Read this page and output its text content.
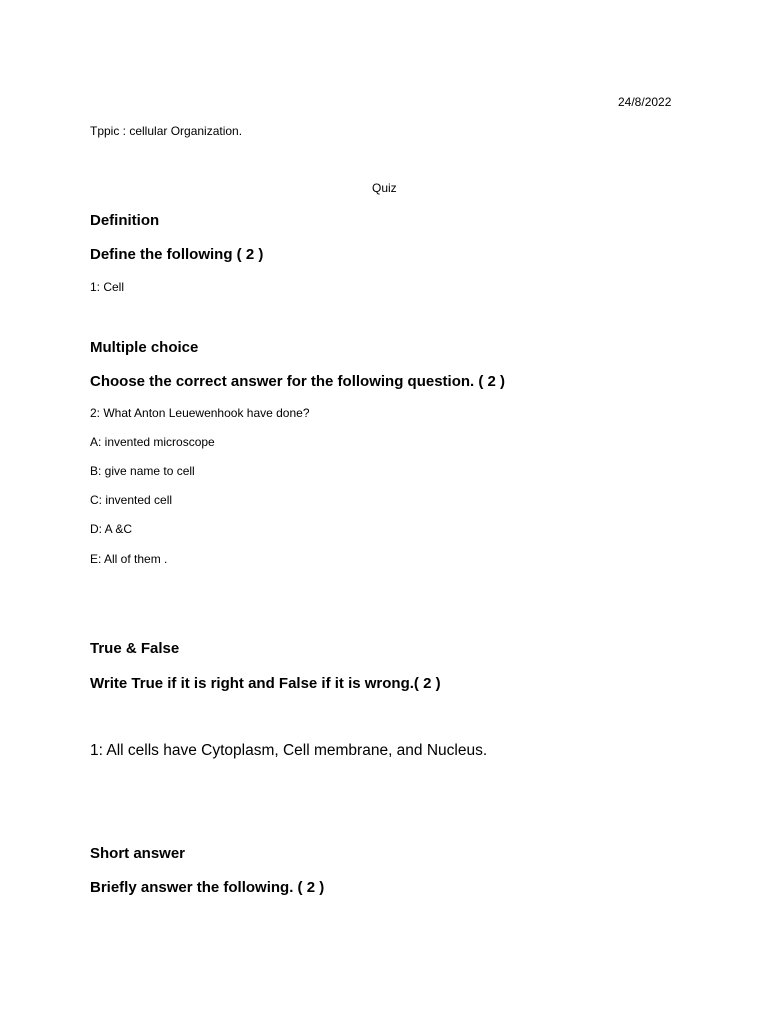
24/8/2022
Tppic : cellular Organization.
Quiz
Definition
Define the following ( 2 )
1: Cell
Multiple choice
Choose the correct answer for the following question. ( 2 )
2: What Anton Leuewenhook have done?
A: invented microscope
B: give name to cell
C: invented cell
D: A &C
E: All of them .
True & False
Write True if it is right and False if it is wrong.( 2 )
1: All cells have Cytoplasm, Cell membrane, and Nucleus.
Short answer
Briefly answer the following. ( 2 )
